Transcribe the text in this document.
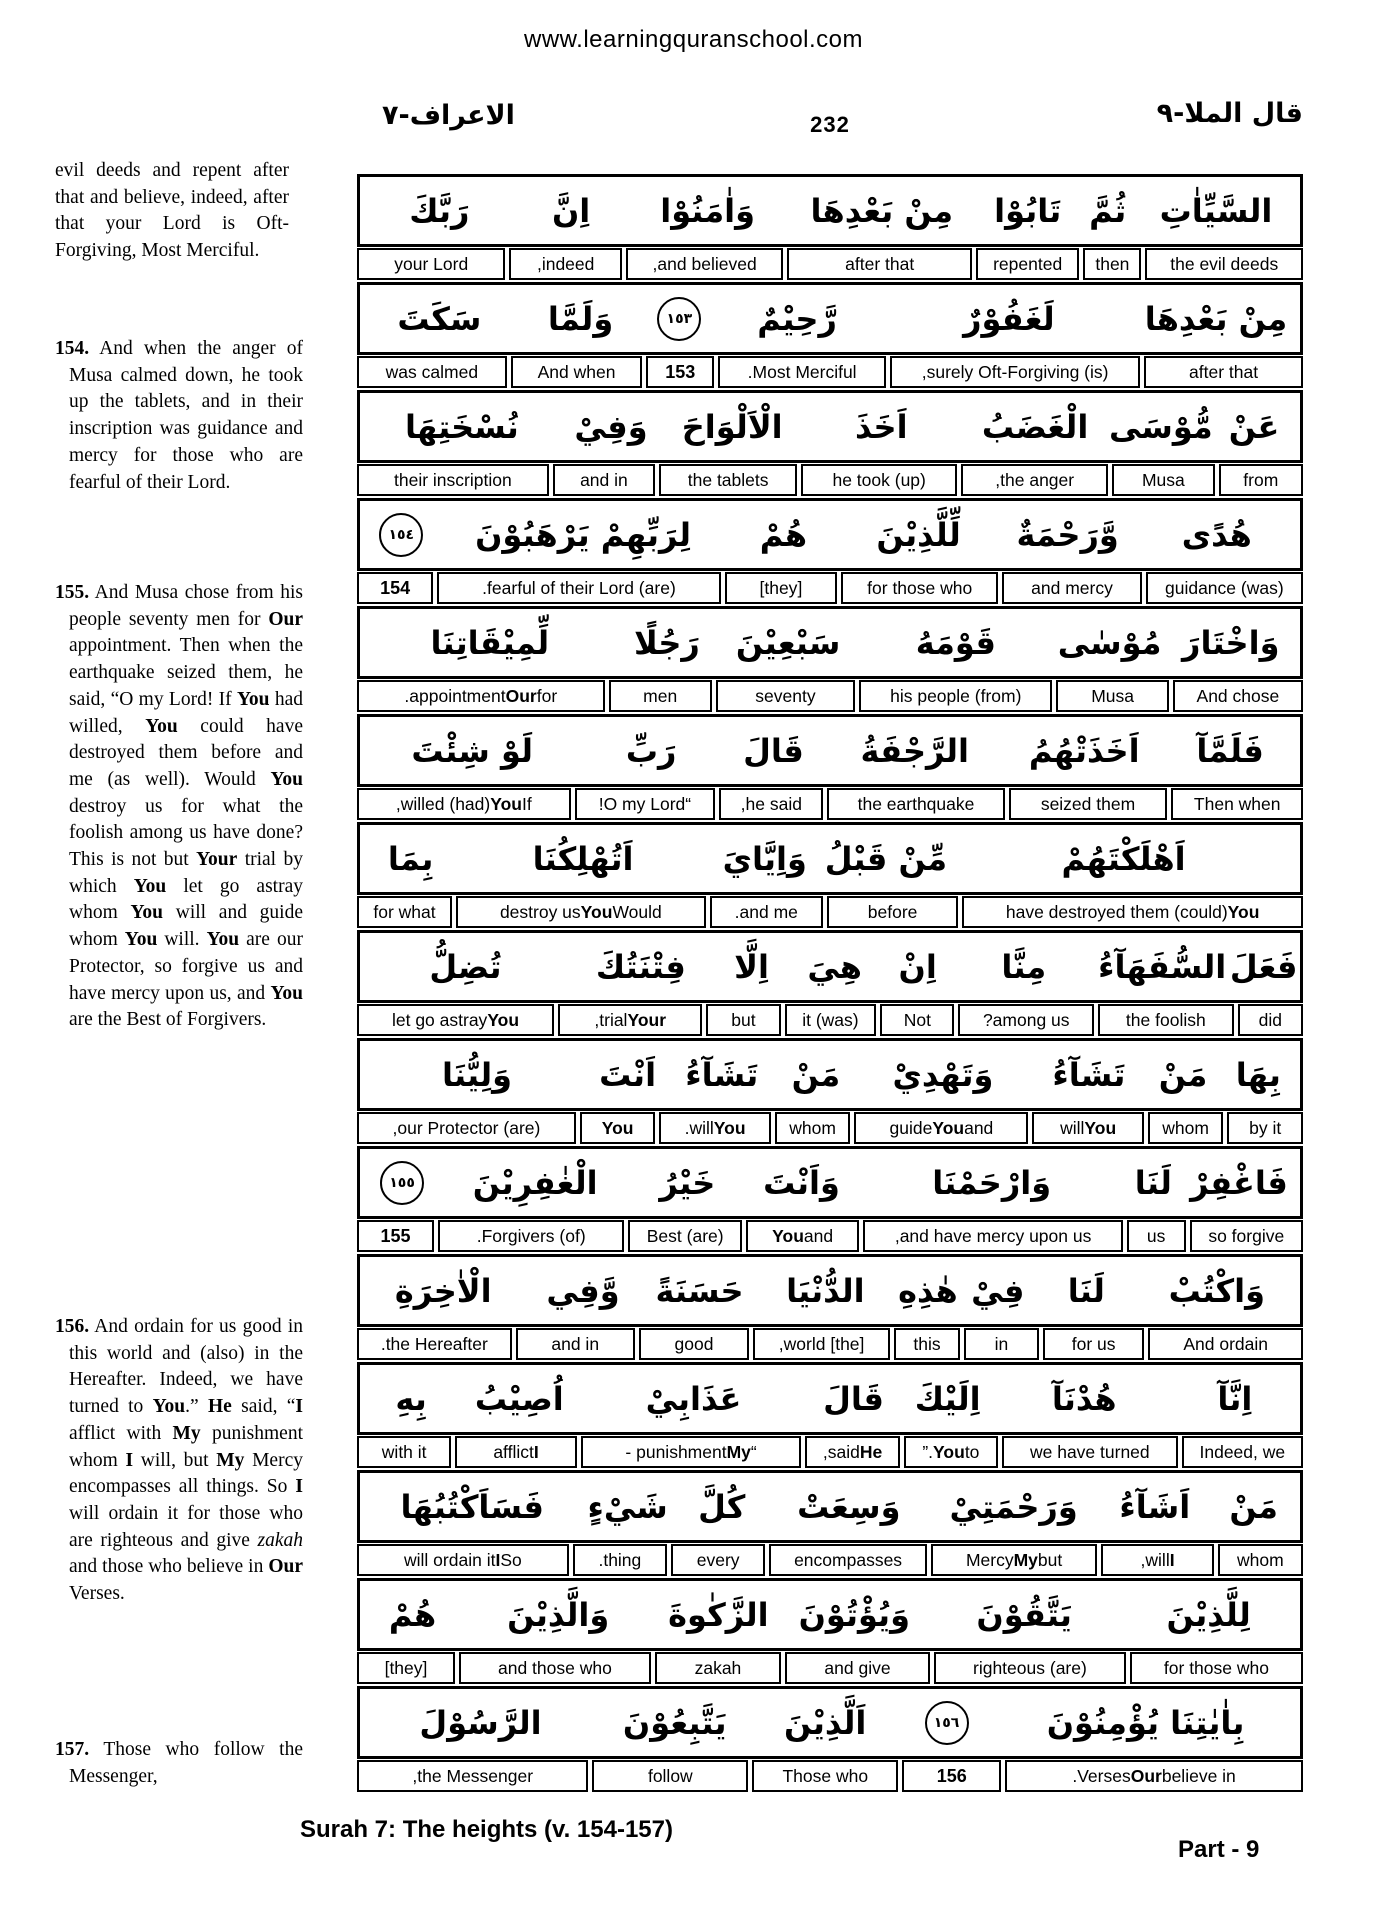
www.learningquranschool.com
الاعراف-٧	232	قال الملا-٩
evil deeds and repent after that and believe, indeed, after that your Lord is Oft-Forgiving, Most Merciful.
154. And when the anger of Musa calmed down, he took up the tablets, and in their inscription was guidance and mercy for those who are fearful of their Lord.
155. And Musa chose from his people seventy men for Our appointment. Then when the earthquake seized them, he said, “O my Lord! If You had willed, You could have destroyed them before and me (as well). Would You destroy us for what the foolish among us have done? This is not but Your trial by which You let go astray whom You will and guide whom You will. You are our Protector, so forgive us and have mercy upon us, and You are the Best of Forgivers.
156. And ordain for us good in this world and (also) in the Hereafter. Indeed, we have turned to You.” He said, “I afflict with My punishment whom I will, but My Mercy encompasses all things. So I will ordain it for those who are righteous and give zakah and those who believe in Our Verses.
157. Those who follow the Messenger,
السَّيِّاٰتِ
ثُمَّ
تَابُوْا
مِنْ بَعْدِهَا
وَاٰمَنُوْا
اِنَّ
رَبَّكَ
the evil deeds
then
repented
after that
and believed,
indeed,
your Lord
مِنْ بَعْدِهَا
لَغَفُوْرٌ
رَّحِيْمٌ
١٥٣
وَلَمَّا
سَكَتَ
after that
(is) surely Oft-Forgiving,
Most Merciful.
153
And when
was calmed
عَنْ
مُّوْسَى
الْغَضَبُ
اَخَذَ
الْاَلْوَاحَ
وَفِيْ
نُسْخَتِهَا
from
Musa
the anger,
he took (up)
the tablets
and in
their inscription
هُدًى
وَّرَحْمَةٌ
لِّلَّذِيْنَ
هُمْ
لِرَبِّهِمْ يَرْهَبُوْنَ
١٥٤
(was) guidance
and mercy
for those who
[they]
(are) fearful of their Lord.
154
وَاخْتَارَ
مُوْسٰى
قَوْمَهُ
سَبْعِيْنَ
رَجُلًا
لِّمِيْقَاتِنَا
And chose
Musa
(from) his people
seventy
men
for
Our
appointment.
فَلَمَّآ
اَخَذَتْهُمُ
الرَّجْفَةُ
قَالَ
رَبِّ
لَوْ شِئْتَ
Then when
seized them
the earthquake
he said,
“O my Lord!
If
You
(had) willed,
اَهْلَكْتَهُمْ
مِّنْ قَبْلُ
وَاِيَّايَ
اَتُهْلِكُنَا
بِمَا
You
(could) have destroyed them
before
and me.
Would
You
destroy us
for what
فَعَلَ
السُّفَهَآءُ
مِنَّا
اِنْ
هِيَ
اِلَّا
فِتْنَتُكَ
تُضِلُّ
did
the foolish
among us?
Not
it (was)
but
Your
trial,
You
let go astray
بِهَا
مَنْ
تَشَآءُ
وَتَهْدِيْ
مَنْ
تَشَآءُ
اَنْتَ
وَلِيُّنَا
by it
whom
You
will
and
You
guide
whom
You
will.
You
(are) our Protector,
فَاغْفِرْ
لَنَا
وَارْحَمْنَا
وَاَنْتَ
خَيْرُ
الْغٰفِرِيْنَ
١٥٥
so forgive
us
and have mercy upon us,
and
You
(are) Best
(of) Forgivers.
155
وَاكْتُبْ
لَنَا
فِيْ
هٰذِهِ
الدُّنْيَا
حَسَنَةً
وَّفِي
الْاٰخِرَةِ
And ordain
for us
in
this
[the] world,
good
and in
the Hereafter.
اِنَّآ
هُدْنَآ
اِلَيْكَ
قَالَ
عَذَابِيْ
اُصِيْبُ
بِهِ
Indeed, we
we have turned
to
You
.”
He
said,
“
My
punishment -
I
afflict
with it
مَنْ
اَشَآءُ
وَرَحْمَتِيْ
وَسِعَتْ
كُلَّ
شَيْءٍ
فَسَاَكْتُبُهَا
whom
I
will,
but
My
Mercy
encompasses
every
thing.
So
I
will ordain it
لِلَّذِيْنَ
يَتَّقُوْنَ
وَيُؤْتُوْنَ
الزَّكٰوةَ
وَالَّذِيْنَ
هُمْ
for those who
(are) righteous
and give
zakah
and those who
[they]
بِاٰيٰتِنَا يُؤْمِنُوْنَ
١٥٦
اَلَّذِيْنَ
يَتَّبِعُوْنَ
الرَّسُوْلَ
believe in
Our
Verses.
156
Those who
follow
the Messenger,
Surah 7: The heights (v. 154-157)
Part - 9
